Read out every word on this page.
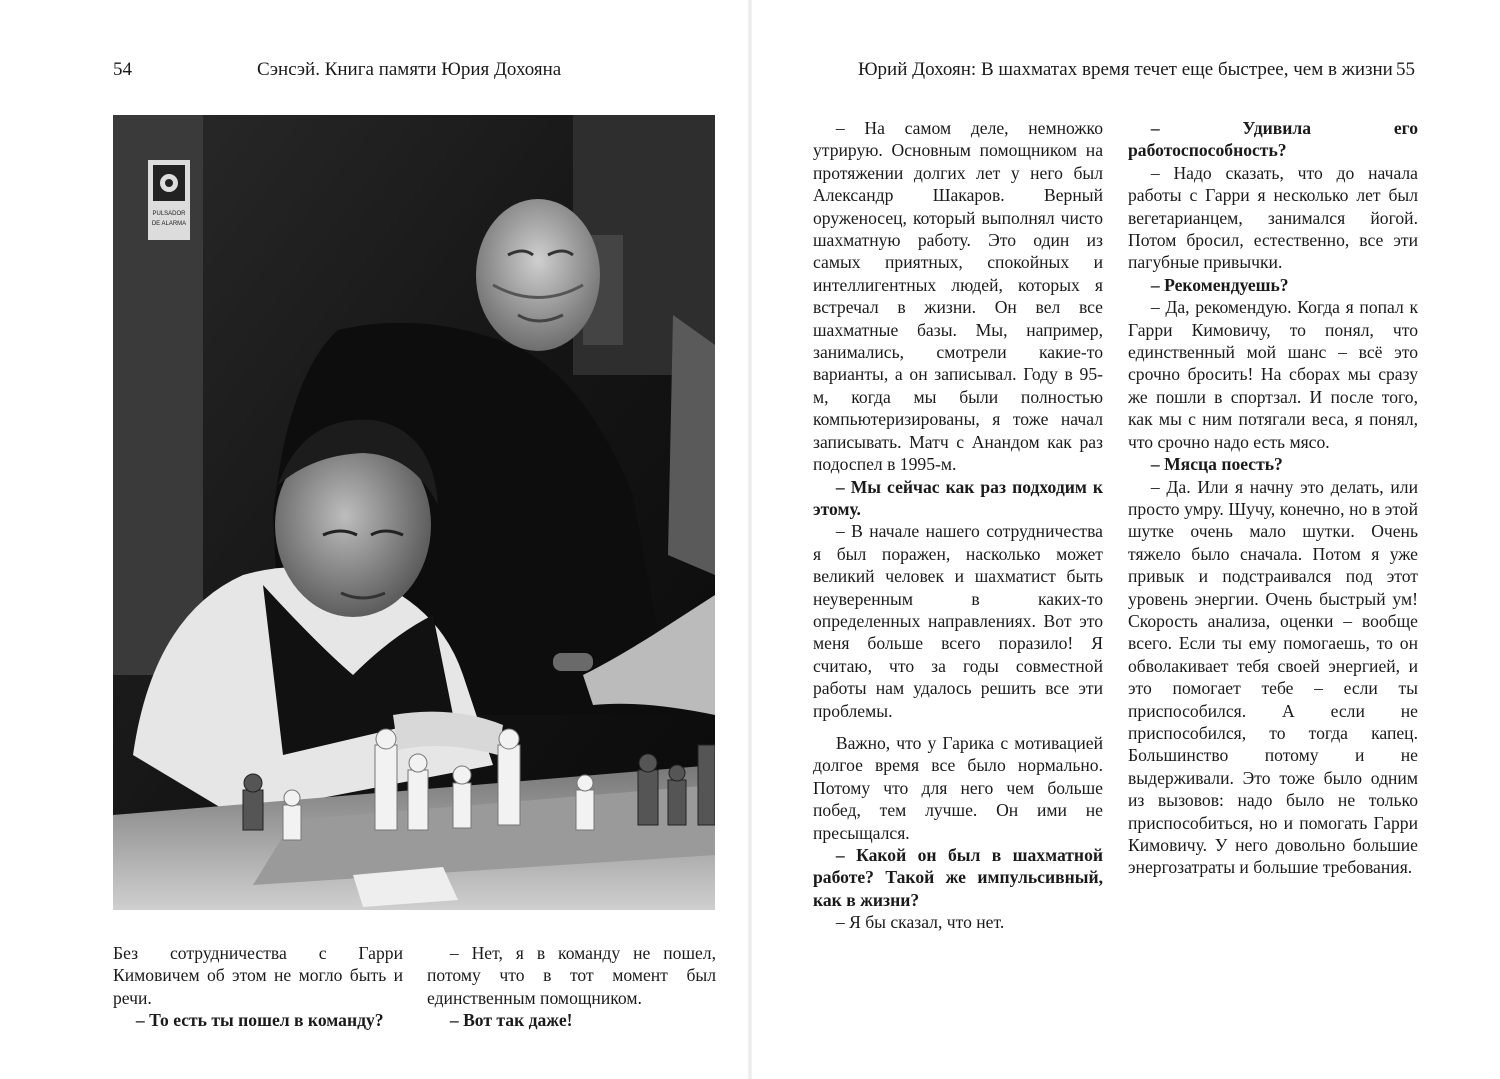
54	Сэнсэй. Книга памяти Юрия Дохояна
PULSADOR
DE ALARMA

Без сотрудничества с Гарри Кимовичем об этом не могло быть и речи.

– То есть ты пошел в команду?

– Нет, я в команду не пошел, потому что в тот момент был единственным помощником.

– Вот так даже!

Юрий Дохоян: В шахматах время течет еще быстрее, чем в жизни 55

– На самом деле, немножко утрирую. Основным помощником на протяжении долгих лет у него был Александр Шакаров. Верный оруженосец, который выполнял чисто шахматную работу. Это один из самых приятных, спокойных и интеллигентных людей, которых я встречал в жизни. Он вел все шахматные базы. Мы, например, занимались, смотрели какие-то варианты, а он записывал. Году в 95-м, когда мы были полностью компьютеризированы, я тоже начал записывать. Матч с Анандом как раз подоспел в 1995-м.

– Мы сейчас как раз подходим к этому.

– В начале нашего сотрудничества я был поражен, насколько может великий человек и шахматист быть неуверенным в каких-то определенных направлениях. Вот это меня больше всего поразило! Я считаю, что за годы совместной работы нам удалось решить все эти проблемы.

Важно, что у Гарика с мотивацией долгое время все было нормально. Потому что для него чем больше побед, тем лучше. Он ими не пресыщался.

– Какой он был в шахматной работе? Такой же импульсивный, как в жизни?

– Я бы сказал, что нет.

– Удивила его работоспособность?

– Надо сказать, что до начала работы с Гарри я несколько лет был вегетарианцем, занимался йогой. Потом бросил, естественно, все эти пагубные привычки.

– Рекомендуешь?

– Да, рекомендую. Когда я попал к Гарри Кимовичу, то понял, что единственный мой шанс – всё это срочно бросить! На сборах мы сразу же пошли в спортзал. И после того, как мы с ним потягали веса, я понял, что срочно надо есть мясо.

– Мясца поесть?

– Да. Или я начну это делать, или просто умру. Шучу, конечно, но в этой шутке очень мало шутки. Очень тяжело было сначала. Потом я уже привык и подстраивался под этот уровень энергии. Очень быстрый ум! Скорость анализа, оценки – вообще всего. Если ты ему помогаешь, то он обволакивает тебя своей энергией, и это помогает тебе – если ты приспособился. А если не приспособился, то тогда капец. Большинство потому и не выдерживали. Это тоже было одним из вызовов: надо было не только приспособиться, но и помогать Гарри Кимовичу. У него довольно большие энергозатраты и большие требования.
